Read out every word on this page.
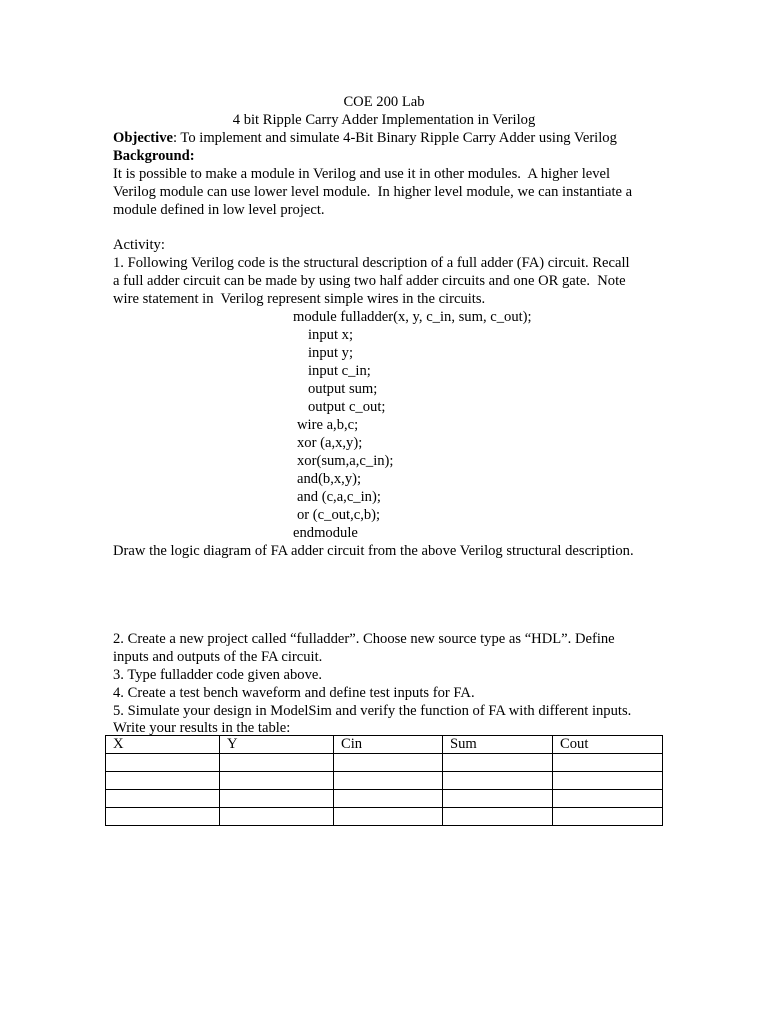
COE 200 Lab
4 bit Ripple Carry Adder Implementation in Verilog
Objective: To implement and simulate 4-Bit Binary Ripple Carry Adder using Verilog
Background:
It is possible to make a module in Verilog and use it in other modules.  A higher level
Verilog module can use lower level module.  In higher level module, we can instantiate a
module defined in low level project.
Activity:
1. Following Verilog code is the structural description of a full adder (FA) circuit. Recall
a full adder circuit can be made by using two half adder circuits and one OR gate.  Note
wire statement in  Verilog represent simple wires in the circuits.
module fulladder(x, y, c_in, sum, c_out);
input x;
input y;
input c_in;
output sum;
output c_out;
wire a,b,c;
xor (a,x,y);
xor(sum,a,c_in);
and(b,x,y);
and (c,a,c_in);
or (c_out,c,b);
endmodule
Draw the logic diagram of FA adder circuit from the above Verilog structural description.
2. Create a new project called “fulladder”. Choose new source type as “HDL”. Define
inputs and outputs of the FA circuit.
3. Type fulladder code given above.
4. Create a test bench waveform and define test inputs for FA.
5. Simulate your design in ModelSim and verify the function of FA with different inputs.
Write your results in the table:
X	Y	Cin	Sum	Cout
